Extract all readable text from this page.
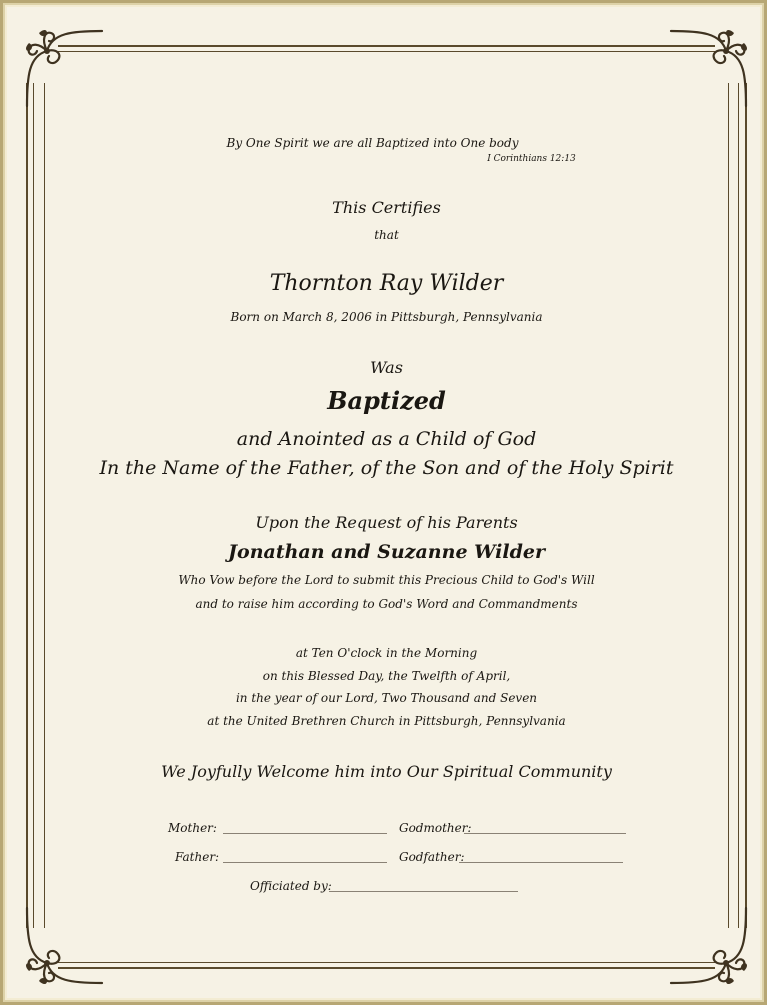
By One Spirit we are all Baptized into One body
I Corinthians 12:13
This Certifies
that
Thornton Ray Wilder
Born on March 8, 2006 in Pittsburgh, Pennsylvania
Was
Baptized
and Anointed as a Child of God
In the Name of the Father, of the Son and of the Holy Spirit
Upon the Request of his Parents
Jonathan and Suzanne Wilder
Who Vow before the Lord to submit this Precious Child to God's Will
and to raise him according to God's Word and Commandments
at Ten O'clock in the Morning
on this Blessed Day, the Twelfth of April,
in the year of our Lord, Two Thousand and Seven
at the United Brethren Church in Pittsburgh, Pennsylvania
We Joyfully Welcome him into Our Spiritual Community
Mother:	Godmother:
Father:	Godfather:
Officiated by:
